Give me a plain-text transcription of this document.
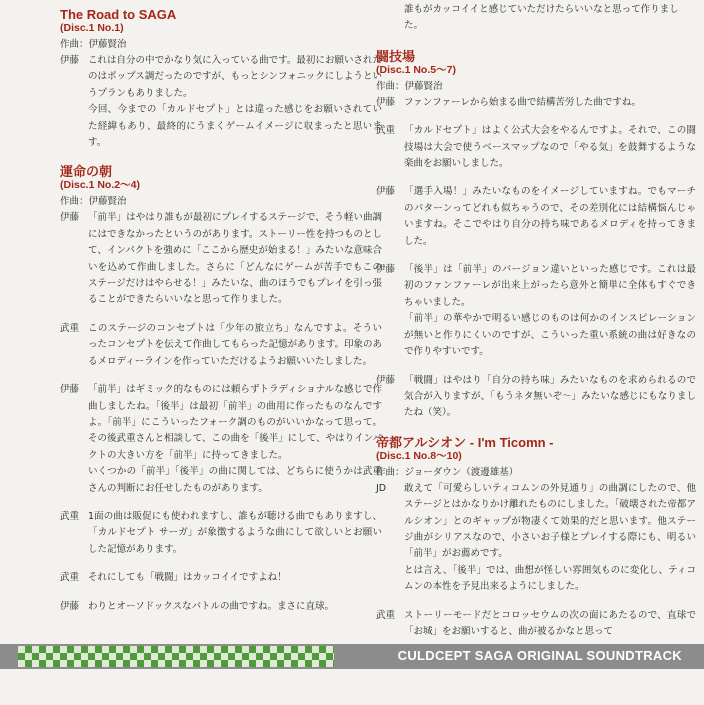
The Road to SAGA
(Disc.1 No.1)
作曲：伊藤賢治
伊藤 これは自分の中でかなり気に入っている曲です。最初にお願いされたのはポップス調だったのですが、もっとシンフォニックにしようというプランもありました。

今回、今までの「カルドセプト」とは違った感じをお願いされていた経緯もあり、最終的にうまくゲームイメージに収まったと思います。

運命の朝
(Disc.1 No.2～4)
作曲：伊藤賢治
伊藤 「前半」はやはり誰もが最初にプレイするステージで、そう軽い曲調にはできなかったというのがあります。ストーリー性を持つものとして、インパクトを強めに「ここから歴史が始まる！」みたいな意味合いを込めて作曲しました。さらに「どんなにゲームが苦手でもこのステージだけはやらせる！」みたいな、曲のほうでもプレイを引っ張ることができたらいいなと思って作りました。
武重 このステージのコンセプトは「少年の旅立ち」なんですよ。そういったコンセプトを伝えて作曲してもらった記憶があります。印象のあるメロディーラインを作っていただけるようお願いいたしました。
伊藤 「前半」はギミック的なものには頼らずトラディショナルな感じで作曲しましたね。「後半」は最初「前半」の曲用に作ったものなんですよ。「前半」にこういったフォーク調のものがいいかなって思って。その後武重さんと相談して、この曲を「後半」にして、やはりインパクトの大きい方を「前半」に持ってきました。

いくつかの「前半」「後半」の曲に関しては、どちらに使うかは武重さんの判断にお任せしたものがあります。

武重 1面の曲は販促にも使われますし、誰もが聴ける曲でもありますし、「カルドセプト サーガ」が象徴するような曲にして欲しいとお願いした記憶があります。
武重 それにしても「戦闘」はカッコイイですよね！
伊藤 わりとオーソドックスなバトルの曲ですね。まさに直球。
誰もがカッコイイと感じていただけたらいいなと思って作りました。
闘技場
(Disc.1 No.5～7)
作曲：伊藤賢治
伊藤 ファンファーレから始まる曲で結構苦労した曲ですね。
武重 「カルドセプト」はよく公式大会をやるんですよ。それで、この闘技場は大会で使うベースマップなので「やる気」を鼓舞するような楽曲をお願いしました。
伊藤 「選手入場！」みたいなものをイメージしていますね。でもマーチのパターンってどれも似ちゃうので、その差別化には結構悩んじゃいますね。そこでやはり自分の持ち味であるメロディを持ってきました。
伊藤 「後半」は「前半」のバージョン違いといった感じです。これは最初のファンファーレが出来上がったら意外と簡単に全体もすぐできちゃいました。

「前半」の華やかで明るい感じのものは何かのインスピレーションが無いと作りにくいのですが、こういった重い系統の曲は好きなので作りやすいです。

伊藤 「戦闘」はやはり「自分の持ち味」みたいなものを求められるので気合が入りますが、「もうネタ無いぞ～」みたいな感じにもなりましたね（笑）。
帝都アルシオン - I'm Ticomn -
(Disc.1 No.8～10)
作曲：ジョーダウン（渡邊雄基）
JD	敢えて「可愛らしいティコムンの外見通り」の曲調にしたので、他ステージとはかなりかけ離れたものにしました。「破壊された帝都アルシオン」とのギャップが物凄くて効果的だと思います。他ステージ曲がシリアスなので、小さいお子様とプレイする際にも、明るい「前半」がお薦めです。

とは言え、「後半」では、曲想が怪しい雰囲気ものに変化し、ティコムンの本性を予見出来るようにしました。

武重 ストーリーモードだとコロッセウムの次の面にあたるので、直球で「お城」をお願いすると、曲が被るかなと思って
CULDCEPT SAGA ORIGINAL SOUNDTRACK
